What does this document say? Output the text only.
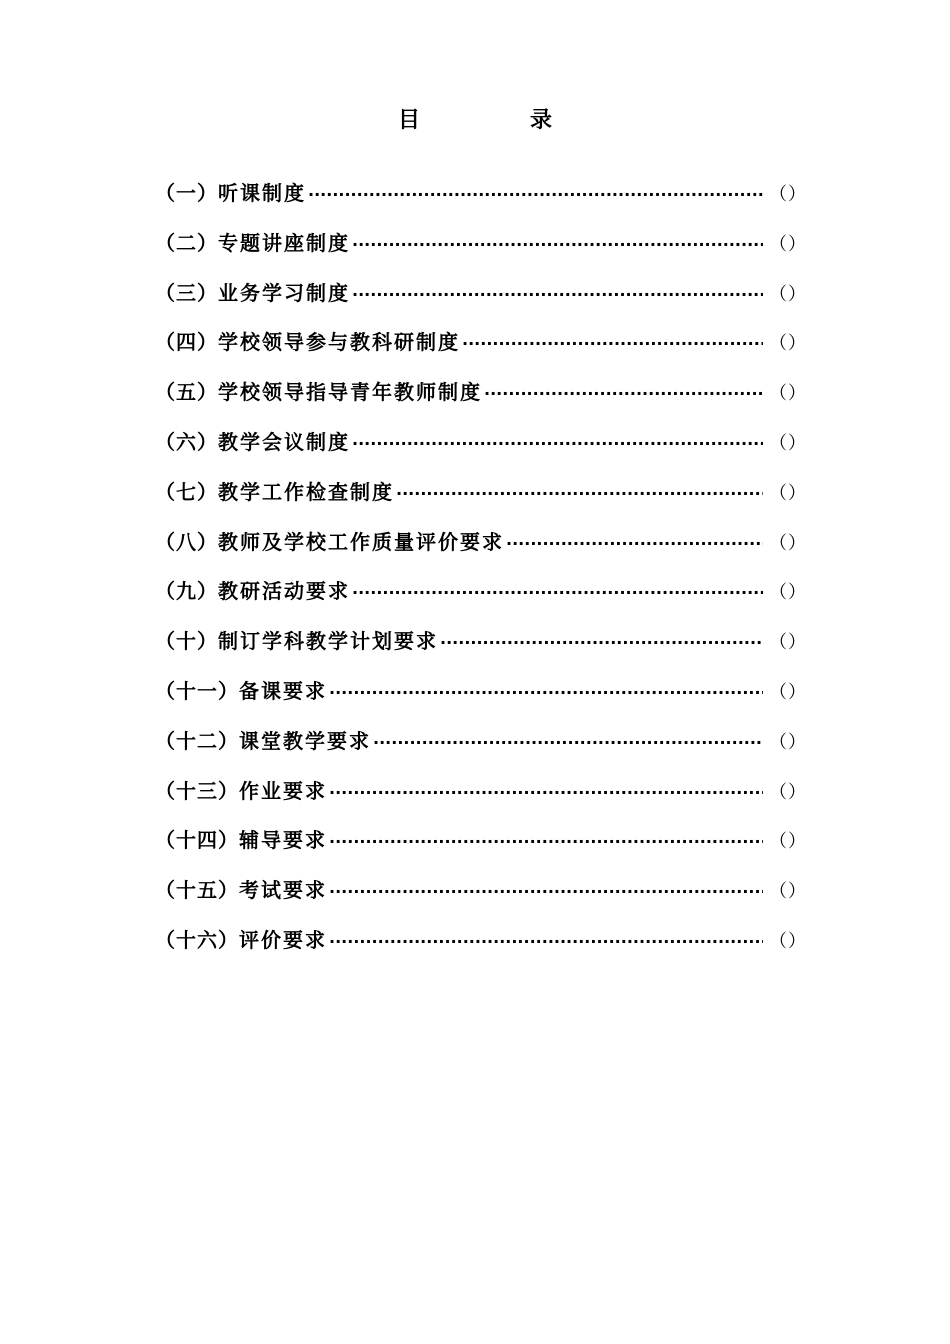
目　录
（一） 听课制度 ·····	（）
（二） 专题讲座制度 ·····	（）
（三） 业务学习制度 ·····	（）
（四） 学校领导参与教科研制度 ·····	（）
（五） 学校领导指导青年教师制度 ·····	（）
（六） 教学会议制度 ·····	（）
（七） 教学工作检查制度 ·····	（）
（八） 教师及学校工作质量评价要求 ·····	（）
（九） 教研活动要求 ·····	（）
（十） 制订学科教学计划要求 ·····	（）
（十一） 备课要求 ·····	（）
（十二） 课堂教学要求 ·····	（）
（十三） 作业要求 ·····	（）
（十四） 辅导要求 ·····	（）
（十五） 考试要求 ·····	（）
（十六） 评价要求 ·····	（）
